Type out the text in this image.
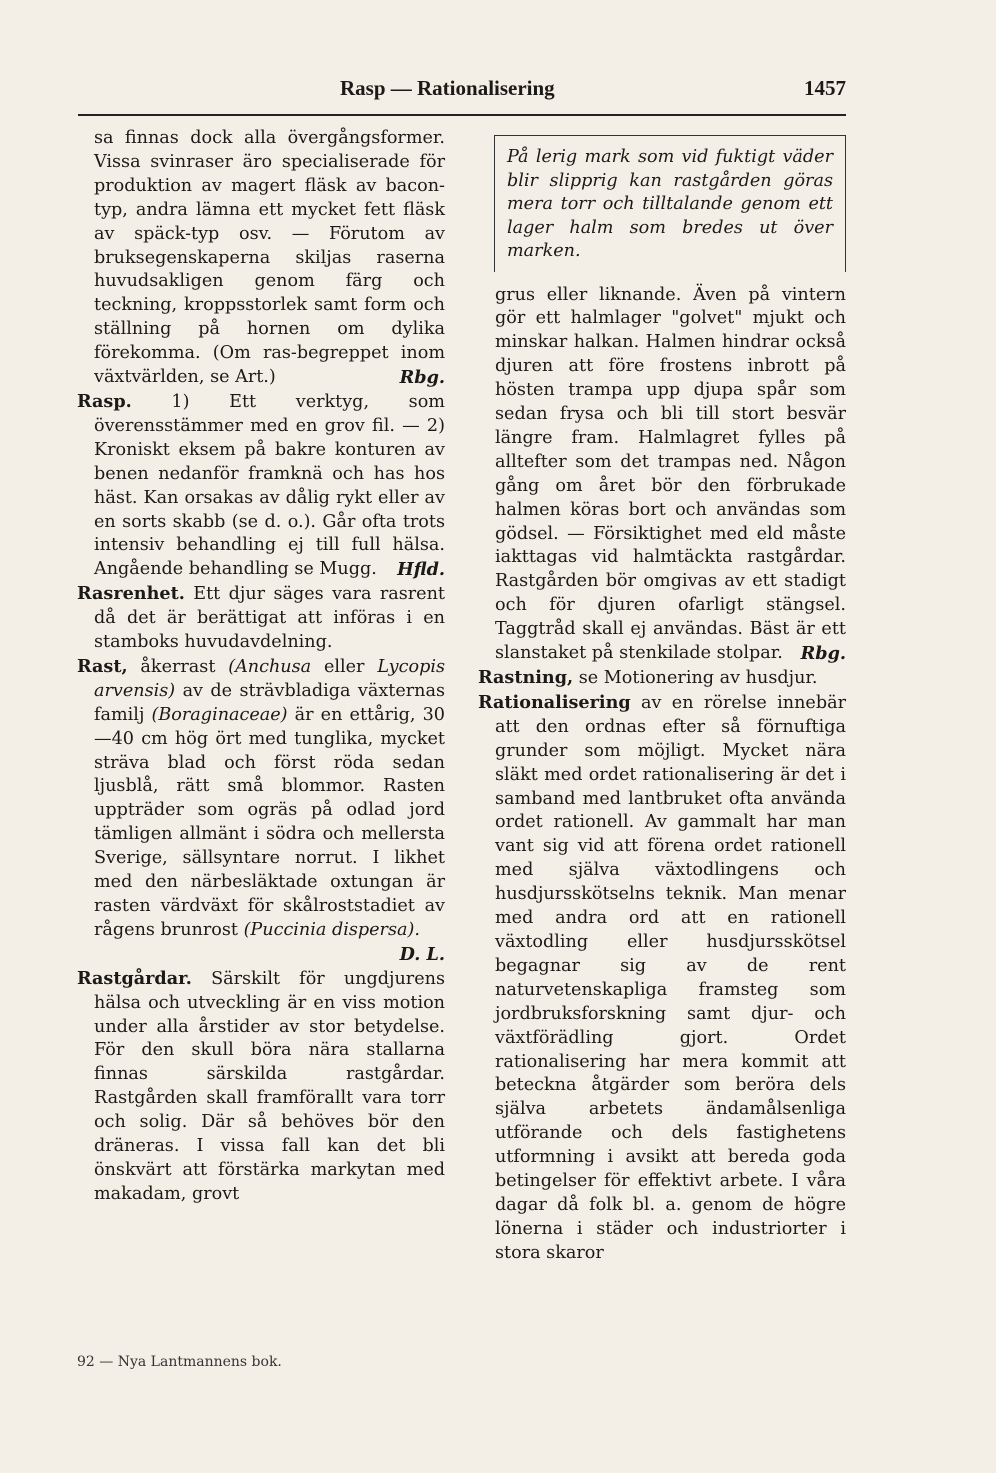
Rasp — Rationalisering	1457

sa finnas dock alla övergångsformer. Vissa svinraser äro specialiserade för produktion av magert fläsk av bacon-typ, andra lämna ett mycket fett fläsk av späck-typ osv. — Förutom av bruksegenskaperna skiljas raserna huvudsakligen genom färg och teckning, kroppsstorlek samt form och ställning på hornen om dylika förekomma. (Om ras-begreppet inom växtvärlden, se Art.)	Rbg.

Rasp. 1) Ett verktyg, som överensstämmer med en grov fil. — 2) Kroniskt eksem på bakre konturen av benen nedanför framknä och has hos häst. Kan orsakas av dålig rykt eller av en sorts skabb (se d. o.). Går ofta trots intensiv behandling ej till full hälsa. Angående behandling se Mugg. Hfld.

Rasrenhet. Ett djur säges vara rasrent då det är berättigat att införas i en stamboks huvudavdelning.

Rast, åkerrast (Anchusa eller Lycopis arvensis) av de strävbladiga växternas familj (Boraginaceae) är en ettårig, 30—40 cm hög ört med tunglika, mycket sträva blad och först röda sedan ljusblå, rätt små blommor. Rasten uppträder som ogräs på odlad jord tämligen allmänt i södra och mellersta Sverige, sällsyntare norrut. I likhet med den närbesläktade oxtungan är rasten värdväxt för skålroststadiet av rågens brunrost (Puccinia dispersa).
D. L.

Rastgårdar. Särskilt för ungdjurens hälsa och utveckling är en viss motion under alla årstider av stor betydelse. För den skull böra nära stallarna finnas särskilda rastgårdar. Rastgården skall framförallt vara torr och solig. Där så behöves bör den dräneras. I vissa fall kan det bli önskvärt att förstärka markytan med makadam, grovt

På lerig mark som vid fuktigt väder blir slipprig kan rastgården göras mera torr och tilltalande genom ett lager halm som bredes ut över marken.

grus eller liknande. Även på vintern gör ett halmlager "golvet" mjukt och minskar halkan. Halmen hindrar också djuren att före frostens inbrott på hösten trampa upp djupa spår som sedan frysa och bli till stort besvär längre fram. Halmlagret fylles på alltefter som det trampas ned. Någon gång om året bör den förbrukade halmen köras bort och användas som gödsel. — Försiktighet med eld måste iakttagas vid halmtäckta rastgårdar. Rastgården bör omgivas av ett stadigt och för djuren ofarligt stängsel. Taggtråd skall ej användas. Bäst är ett slanstaket på stenkilade stolpar. Rbg.

Rastning, se Motionering av husdjur.

Rationalisering av en rörelse innebär att den ordnas efter så förnuftiga grunder som möjligt. Mycket nära släkt med ordet rationalisering är det i samband med lantbruket ofta använda ordet rationell. Av gammalt har man vant sig vid att förena ordet rationell med själva växtodlingens och husdjursskötselns teknik. Man menar med andra ord att en rationell växtodling eller husdjursskötsel begagnar sig av de rent naturvetenskapliga framsteg som jordbruksforskning samt djur- och växtförädling gjort. Ordet rationalisering har mera kommit att beteckna åtgärder som beröra dels själva arbetets ändamålsenliga utförande och dels fastighetens utformning i avsikt att bereda goda betingelser för effektivt arbete. I våra dagar då folk bl. a. genom de högre lönerna i städer och industriorter i stora skaror

92 — Nya Lantmannens bok.
